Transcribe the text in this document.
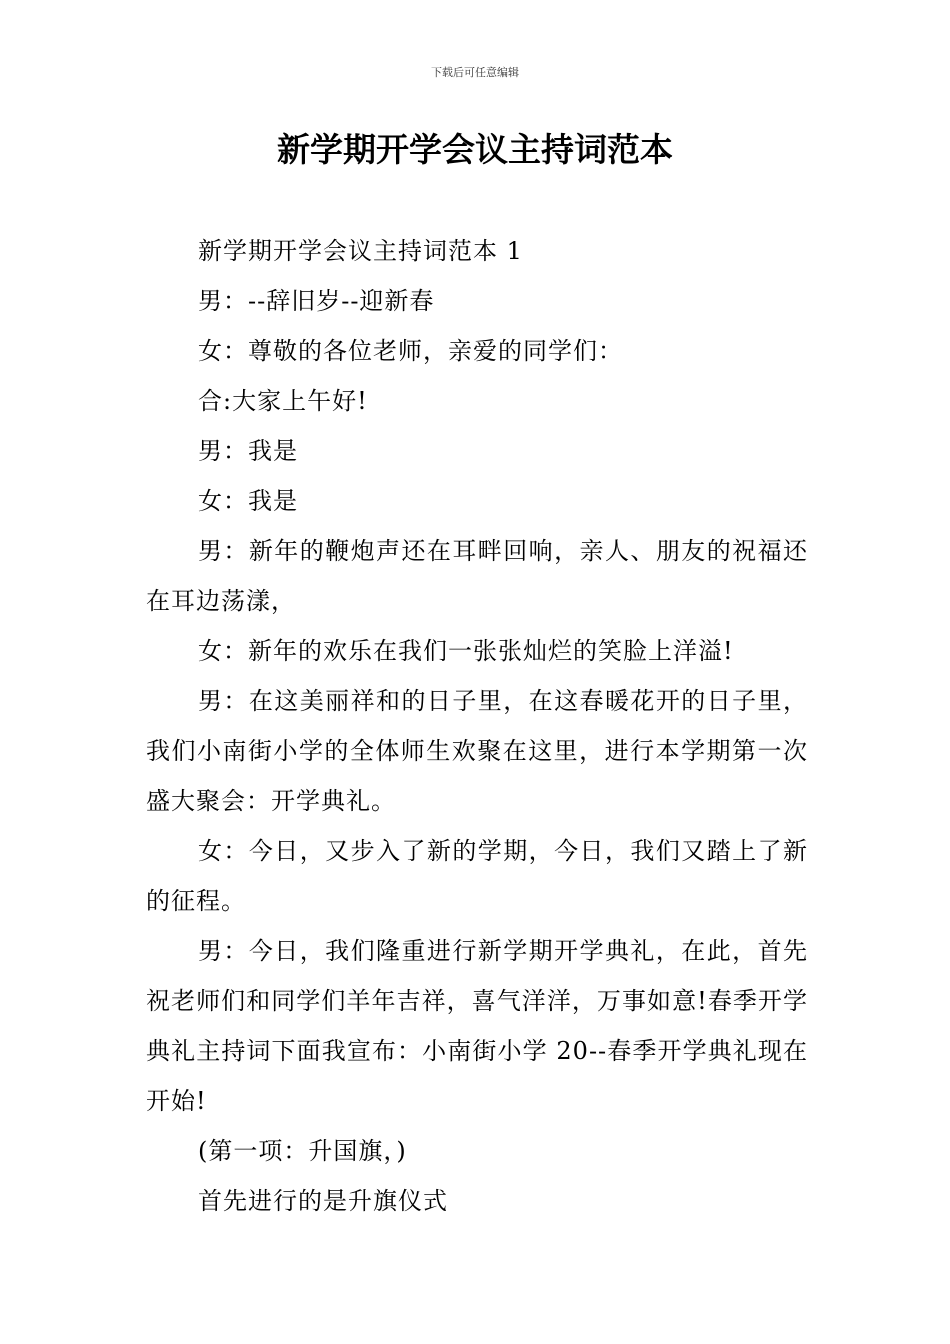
下载后可任意编辑
新学期开学会议主持词范本

新学期开学会议主持词范本 1

男：--辞旧岁--迎新春

女：尊敬的各位老师，亲爱的同学们：

合:大家上午好!

男：我是

女：我是

男：新年的鞭炮声还在耳畔回响，亲人、朋友的祝福还在耳边荡漾，

女：新年的欢乐在我们一张张灿烂的笑脸上洋溢!

男：在这美丽祥和的日子里，在这春暖花开的日子里，我们小南街小学的全体师生欢聚在这里，进行本学期第一次盛大聚会：开学典礼。

女：今日，又步入了新的学期，今日，我们又踏上了新的征程。

男：今日，我们隆重进行新学期开学典礼，在此，首先祝老师们和同学们羊年吉祥，喜气洋洋，万事如意!春季开学典礼主持词下面我宣布：小南街小学 20--春季开学典礼现在开始!

(第一项：升国旗，)

首先进行的是升旗仪式
